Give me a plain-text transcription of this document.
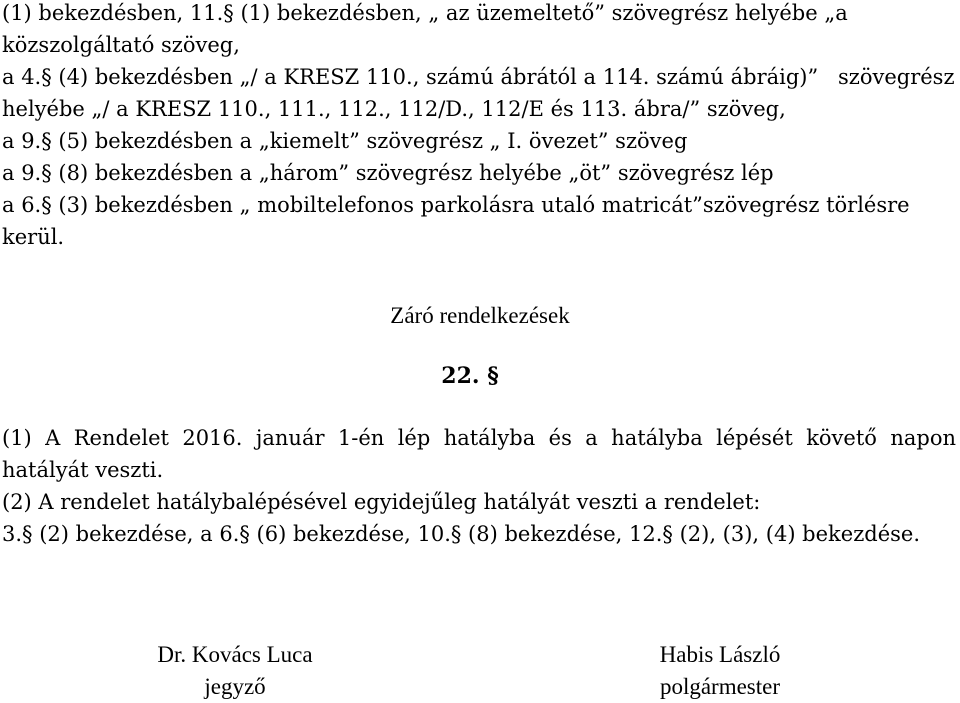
(1) bekezdésben, 11.§ (1) bekezdésben, „ az üzemeltető” szövegrész helyébe „a
közszolgáltató szöveg,
a 4.§ (4) bekezdésben „/ a KRESZ 110., számú ábrától a 114. számú ábráig)” szövegrész
helyébe „/ a KRESZ 110., 111., 112., 112/D., 112/E és 113. ábra/” szöveg,
a 9.§ (5) bekezdésben a „kiemelt” szövegrész „ I. övezet” szöveg
a 9.§ (8) bekezdésben a „három” szövegrész helyébe „öt” szövegrész lép
a 6.§ (3) bekezdésben „ mobiltelefonos parkolásra utaló matricát”szövegrész törlésre
kerül.
Záró rendelkezések
22. §
(1) A Rendelet 2016. január 1-én lép hatályba és a hatályba lépését követő napon
hatályát veszti.
(2) A rendelet hatálybalépésével egyidejűleg hatályát veszti a rendelet:
3.§ (2) bekezdése, a 6.§ (6) bekezdése, 10.§ (8) bekezdése, 12.§ (2), (3), (4) bekezdése.
Dr. Kovács Luca
jegyző
Habis László
polgármester
